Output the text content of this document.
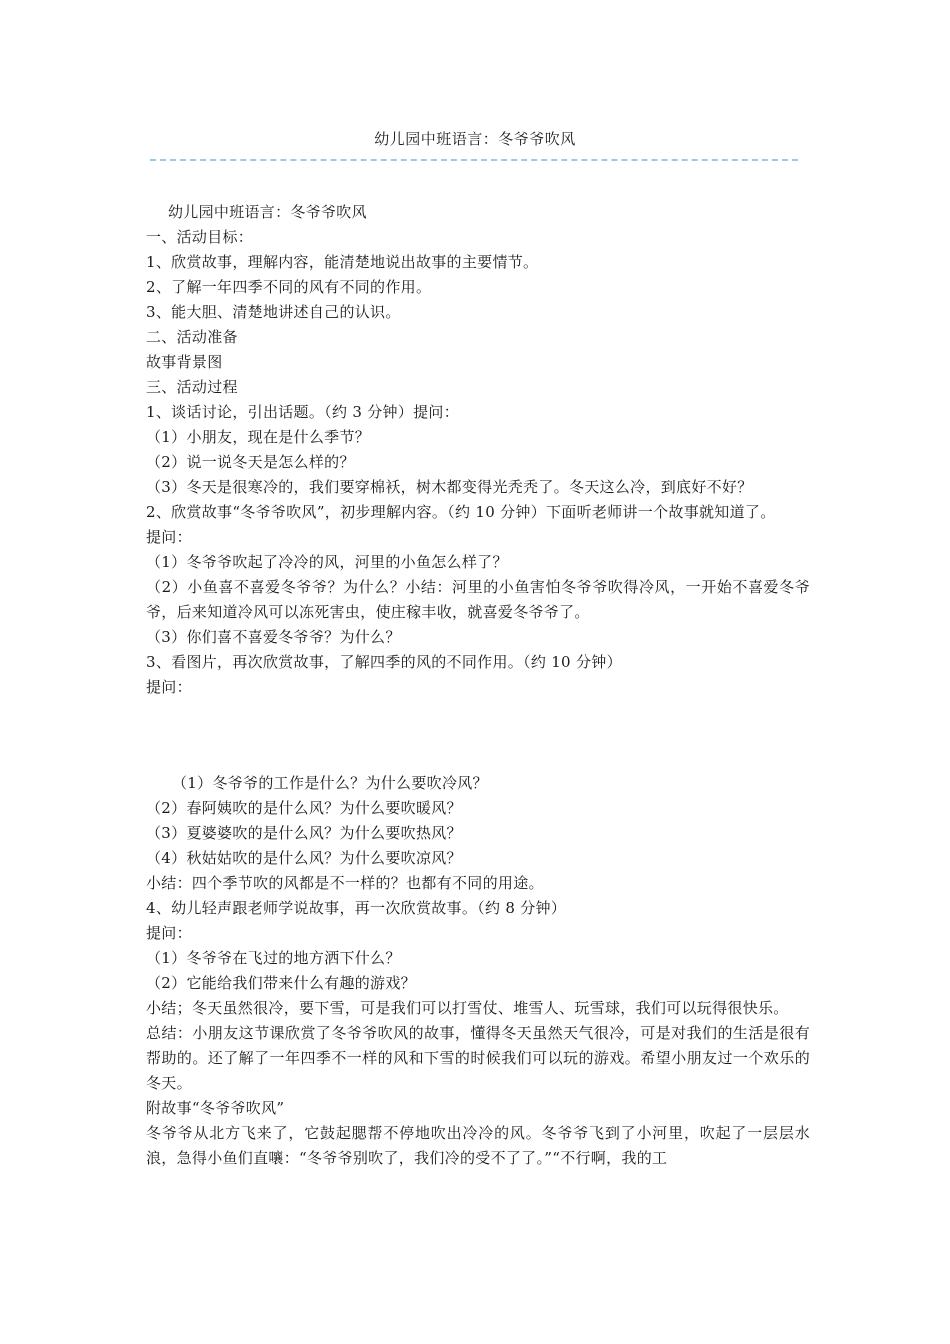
幼儿园中班语言：冬爷爷吹风
幼儿园中班语言：冬爷爷吹风
一、活动目标：
1、欣赏故事，理解内容，能清楚地说出故事的主要情节。
2、了解一年四季不同的风有不同的作用。
3、能大胆、清楚地讲述自己的认识。
二、活动准备
故事背景图
三、活动过程
1、谈话讨论，引出话题。（约 3 分钟）提问：
（1）小朋友，现在是什么季节？
（2）说一说冬天是怎么样的？
（3）冬天是很寒冷的，我们要穿棉袄，树木都变得光秃秃了。冬天这么冷，到底好不好？
2、欣赏故事“冬爷爷吹风”，初步理解内容。（约 10 分钟）下面听老师讲一个故事就知道了。
提问：
（1）冬爷爷吹起了冷冷的风，河里的小鱼怎么样了？
（2）小鱼喜不喜爱冬爷爷？为什么？小结：河里的小鱼害怕冬爷爷吹得冷风，一开始不喜爱冬爷爷，后来知道冷风可以冻死害虫，使庄稼丰收，就喜爱冬爷爷了。
（3）你们喜不喜爱冬爷爷？为什么？
3、看图片，再次欣赏故事，了解四季的风的不同作用。（约 10 分钟）
提问：
（1）冬爷爷的工作是什么？为什么要吹冷风？
（2）春阿姨吹的是什么风？为什么要吹暖风？
（3）夏婆婆吹的是什么风？为什么要吹热风？
（4）秋姑姑吹的是什么风？为什么要吹凉风？
小结：四个季节吹的风都是不一样的？也都有不同的用途。
4、幼儿轻声跟老师学说故事，再一次欣赏故事。（约 8 分钟）
提问：
（1）冬爷爷在飞过的地方洒下什么？
（2）它能给我们带来什么有趣的游戏？
小结；冬天虽然很冷，要下雪，可是我们可以打雪仗、堆雪人、玩雪球，我们可以玩得很快乐。
总结：小朋友这节课欣赏了冬爷爷吹风的故事，懂得冬天虽然天气很冷，可是对我们的生活是很有帮助的。还了解了一年四季不一样的风和下雪的时候我们可以玩的游戏。希望小朋友过一个欢乐的冬天。
附故事“冬爷爷吹风”
冬爷爷从北方飞来了，它鼓起腮帮不停地吹出冷冷的风。冬爷爷飞到了小河里，吹起了一层层水浪，急得小鱼们直嚷：“冬爷爷别吹了，我们冷的受不了了。”“不行啊，我的工
